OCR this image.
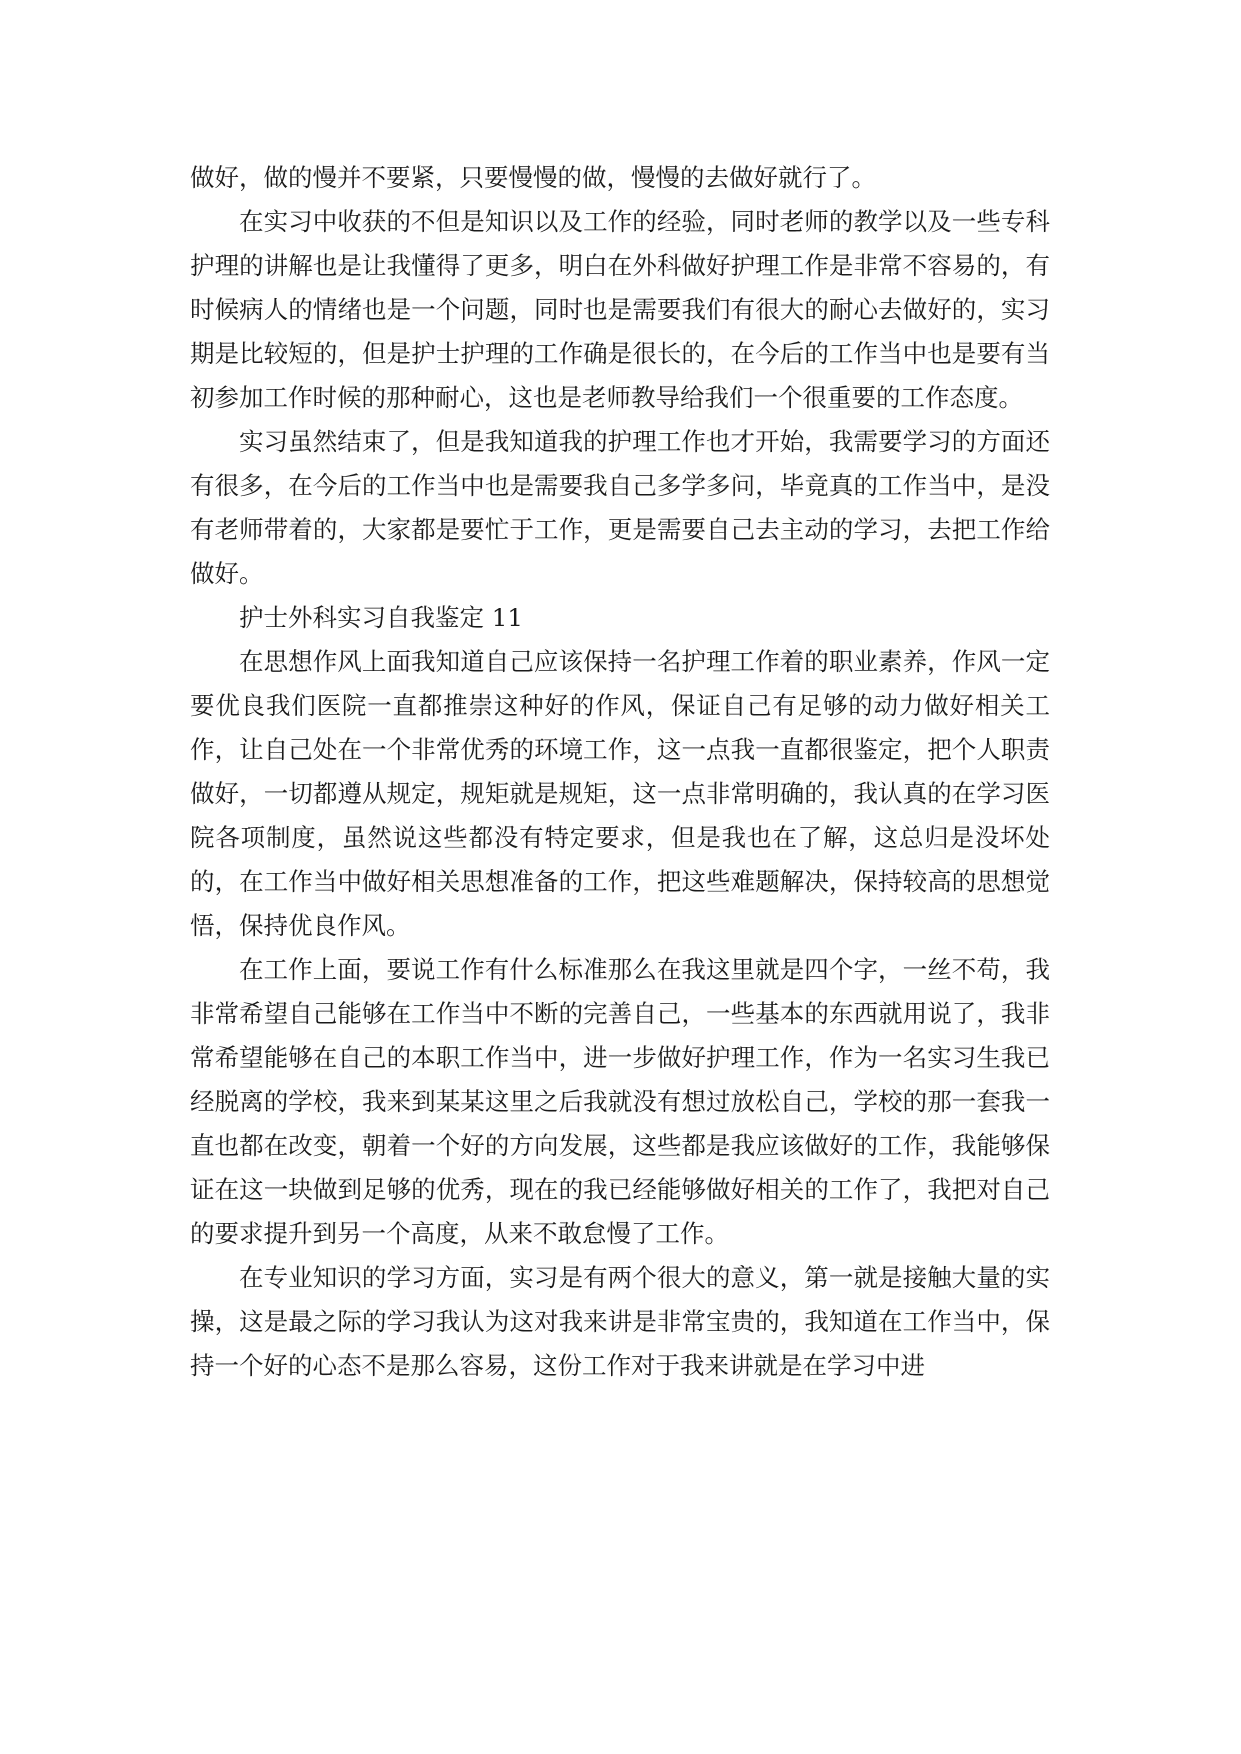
做好，做的慢并不要紧，只要慢慢的做，慢慢的去做好就行了。

在实习中收获的不但是知识以及工作的经验，同时老师的教学以及一些专科护理的讲解也是让我懂得了更多，明白在外科做好护理工作是非常不容易的，有时候病人的情绪也是一个问题，同时也是需要我们有很大的耐心去做好的，实习期是比较短的，但是护士护理的工作确是很长的，在今后的工作当中也是要有当初参加工作时候的那种耐心，这也是老师教导给我们一个很重要的工作态度。

实习虽然结束了，但是我知道我的护理工作也才开始，我需要学习的方面还有很多，在今后的工作当中也是需要我自己多学多问，毕竟真的工作当中，是没有老师带着的，大家都是要忙于工作，更是需要自己去主动的学习，去把工作给做好。

护士外科实习自我鉴定 11

在思想作风上面我知道自己应该保持一名护理工作着的职业素养，作风一定要优良我们医院一直都推崇这种好的作风，保证自己有足够的动力做好相关工作，让自己处在一个非常优秀的环境工作，这一点我一直都很鉴定，把个人职责做好，一切都遵从规定，规矩就是规矩，这一点非常明确的，我认真的在学习医院各项制度，虽然说这些都没有特定要求，但是我也在了解，这总归是没坏处的，在工作当中做好相关思想准备的工作，把这些难题解决，保持较高的思想觉悟，保持优良作风。

在工作上面，要说工作有什么标准那么在我这里就是四个字，一丝不苟，我非常希望自己能够在工作当中不断的完善自己，一些基本的东西就用说了，我非常希望能够在自己的本职工作当中，进一步做好护理工作，作为一名实习生我已经脱离的学校，我来到某某这里之后我就没有想过放松自己，学校的那一套我一直也都在改变，朝着一个好的方向发展，这些都是我应该做好的工作，我能够保证在这一块做到足够的优秀，现在的我已经能够做好相关的工作了，我把对自己的要求提升到另一个高度，从来不敢怠慢了工作。

在专业知识的学习方面，实习是有两个很大的意义，第一就是接触大量的实操，这是最之际的学习我认为这对我来讲是非常宝贵的，我知道在工作当中，保持一个好的心态不是那么容易，这份工作对于我来讲就是在学习中进
